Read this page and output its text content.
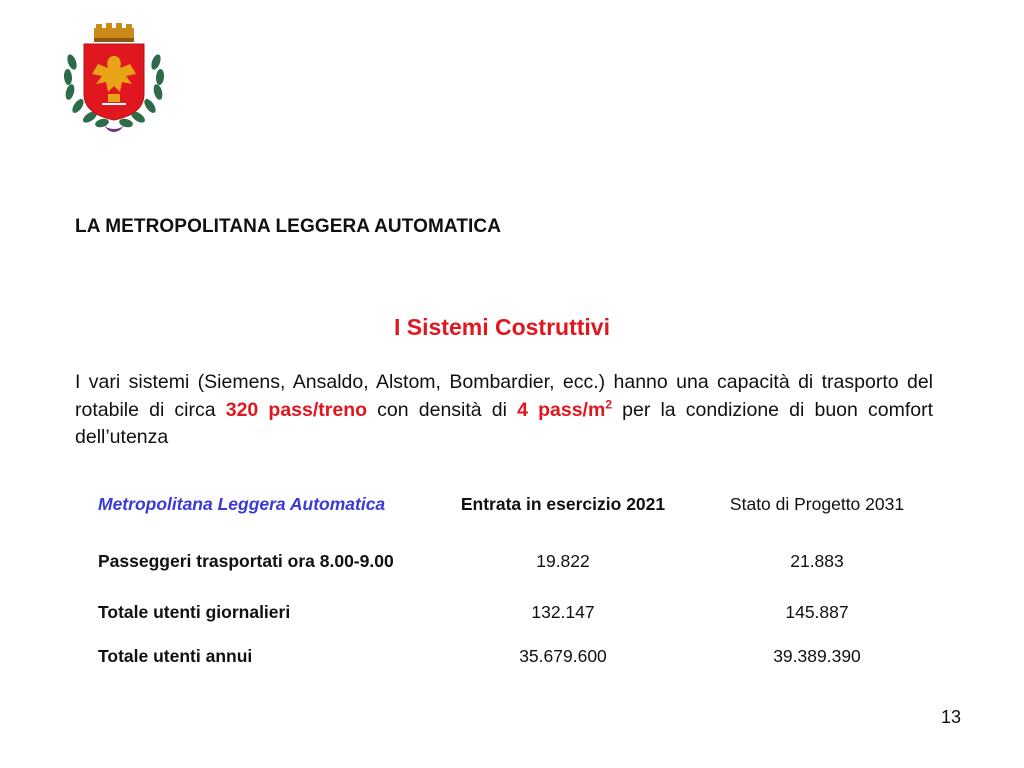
LA METROPOLITANA LEGGERA AUTOMATICA
I Sistemi Costruttivi
I vari sistemi (Siemens, Ansaldo, Alstom, Bombardier, ecc.) hanno una capacità di trasporto del rotabile di circa 320 pass/treno con densità di 4 pass/$m^2$ per la condizione di buon comfort dell’utenza
Metropolitana Leggera Automatica	Entrata in esercizio 2021	Stato di Progetto 2031

Passeggeri trasportati ora 8.00-9.00	19.822	21.883

Totale utenti giornalieri	132.147	145.887

Totale utenti annui	35.679.600	39.389.390
13
